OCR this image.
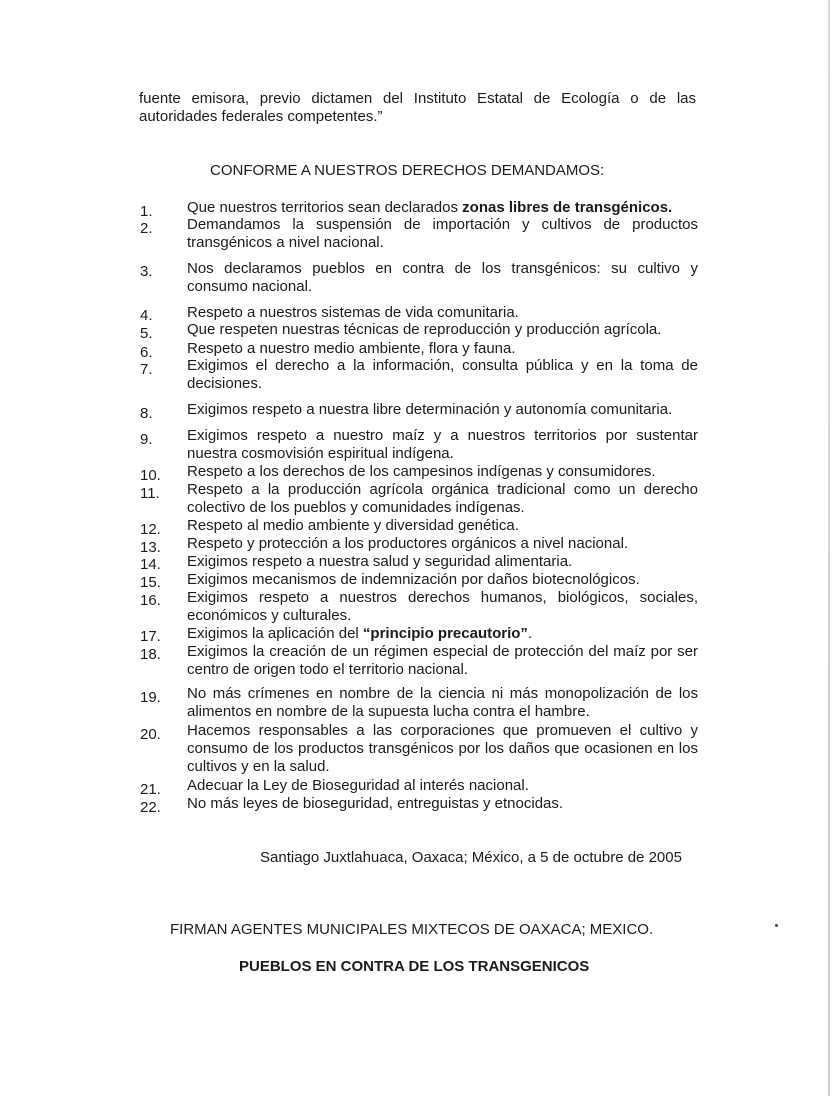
fuente emisora, previo dictamen del Instituto Estatal de Ecología o de las autoridades federales competentes.”

CONFORME A NUESTROS DERECHOS DEMANDAMOS:
1.	Que nuestros territorios sean declarados zonas libres de transgénicos.
2.	Demandamos la suspensión de importación y cultivos de productos transgénicos a nivel nacional.
3.	Nos declaramos pueblos en contra de los transgénicos: su cultivo y consumo nacional.
4.	Respeto a nuestros sistemas de vida comunitaria.
5.	Que respeten nuestras técnicas de reproducción y producción agrícola.
6.	Respeto a nuestro medio ambiente, flora y fauna.
7.	Exigimos el derecho a la información, consulta pública y en la toma de decisiones.
8.	Exigimos respeto a nuestra libre determinación y autonomía comunitaria.
9.	Exigimos respeto a nuestro maíz y a nuestros territorios por sustentar nuestra cosmovisión espiritual indígena.
10.	Respeto a los derechos de los campesinos indígenas y consumidores.
11.	Respeto a la producción agrícola orgánica tradicional como un derecho colectivo de los pueblos y comunidades indígenas.
12.	Respeto al medio ambiente y diversidad genética.
13.	Respeto y protección a los productores orgánicos a nivel nacional.
14.	Exigimos respeto a nuestra salud y seguridad alimentaria.
15.	Exigimos mecanismos de indemnización por daños biotecnológicos.
16.	Exigimos respeto a nuestros derechos humanos, biológicos, sociales, económicos y culturales.
17.	Exigimos la aplicación del “principio precautorio”.
18.	Exigimos la creación de un régimen especial de protección del maíz por ser centro de origen todo el territorio nacional.
19.	No más crímenes en nombre de la ciencia ni más monopolización de los alimentos en nombre de la supuesta lucha contra el hambre.
20.	Hacemos responsables a las corporaciones que promueven el cultivo y consumo de los productos transgénicos por los daños que ocasionen en los cultivos y en la salud.
21.	Adecuar la Ley de Bioseguridad al interés nacional.
22.	No más leyes de bioseguridad, entreguistas y etnocidas.
Santiago Juxtlahuaca, Oaxaca; México, a 5 de octubre de 2005
FIRMAN AGENTES MUNICIPALES MIXTECOS DE OAXACA; MEXICO.
PUEBLOS EN CONTRA DE LOS TRANSGENICOS
